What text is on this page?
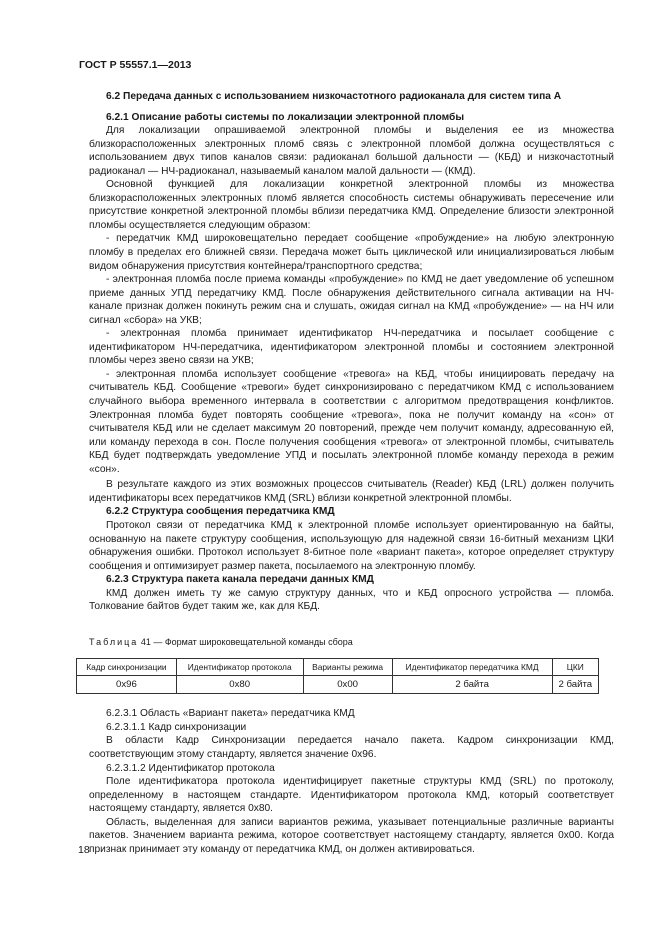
ГОСТ Р 55557.1—2013

6.2 Передача данных с использованием низкочастотного радиоканала для систем типа А

6.2.1 Описание работы системы по локализации электронной пломбы

Для локализации опрашиваемой электронной пломбы и выделения ее из множества близкорасположенных электронных пломб связь с электронной пломбой должна осуществляться с использованием двух типов каналов связи: радиоканал большой дальности — (КБД) и низкочастотный радиоканал — НЧ-радиоканал, называемый каналом малой дальности — (КМД).

Основной функцией для локализации конкретной электронной пломбы из множества близкорасположенных электронных пломб является способность системы обнаруживать пересечение или присутствие конкретной электронной пломбы вблизи передатчика КМД. Определение близости электронной пломбы осуществляется следующим образом:

- передатчик КМД широковещательно передает сообщение «пробуждение» на любую электронную пломбу в пределах его ближней связи. Передача может быть циклической или инициализироваться любым видом обнаружения присутствия контейнера/транспортного средства;

- электронная пломба после приема команды «пробуждение» по КМД не дает уведомление об успешном приеме данных УПД передатчику КМД. После обнаружения действительного сигнала активации на НЧ-канале признак должен покинуть режим сна и слушать, ожидая сигнал на КМД «пробуждение» — на НЧ или сигнал «сбора» на УКВ;

- электронная пломба принимает идентификатор НЧ-передатчика и посылает сообщение с идентификатором НЧ-передатчика, идентификатором электронной пломбы и состоянием электронной пломбы через звено связи на УКВ;

- электронная пломба использует сообщение «тревога» на КБД, чтобы инициировать передачу на считыватель КБД. Сообщение «тревоги» будет синхронизировано с передатчиком КМД с использованием случайного выбора временного интервала в соответствии с алгоритмом предотвращения конфликтов. Электронная пломба будет повторять сообщение «тревога», пока не получит команду на «сон» от считывателя КБД или не сделает максимум 20 повторений, прежде чем получит команду, адресованную ей, или команду перехода в сон. После получения сообщения «тревога» от электронной пломбы, считыватель КБД будет подтверждать уведомление УПД и посылать электронной пломбе команду перехода в режим «сон».

В результате каждого из этих возможных процессов считыватель (Reader) КБД (LRL) должен получить идентификаторы всех передатчиков КМД (SRL) вблизи конкретной электронной пломбы.

6.2.2 Структура сообщения передатчика КМД

Протокол связи от передатчика КМД к электронной пломбе использует ориентированную на байты, основанную на пакете структуру сообщения, использующую для надежной связи 16-битный механизм ЦКИ обнаружения ошибки. Протокол использует 8-битное поле «вариант пакета», которое определяет структуру сообщения и оптимизирует размер пакета, посылаемого на электронную пломбу.

6.2.3 Структура пакета канала передачи данных КМД

КМД должен иметь ту же самую структуру данных, что и КБД опросного устройства — пломба. Толкование байтов будет таким же, как для КБД.

Таблица 41 — Формат широковещательной команды сбора
Кадр синхронизации	Идентификатор протокола	Варианты режима	Идентификатор передатчика КМД	ЦКИ
0x96	0x80	0x00	2 байта	2 байта

6.2.3.1 Область «Вариант пакета» передатчика КМД

6.2.3.1.1 Кадр синхронизации

В области Кадр Синхронизации передается начало пакета. Кадром синхронизации КМД, соответствующим этому стандарту, является значение 0x96.

6.2.3.1.2 Идентификатор протокола

Поле идентификатора протокола идентифицирует пакетные структуры КМД (SRL) по протоколу, определенному в настоящем стандарте. Идентификатором протокола КМД, который соответствует настоящему стандарту, является 0x80.

Область, выделенная для записи вариантов режима, указывает потенциальные различные варианты пакетов. Значением варианта режима, которое соответствует настоящему стандарту, является 0x00. Когда признак принимает эту команду от передатчика КМД, он должен активироваться.

18
